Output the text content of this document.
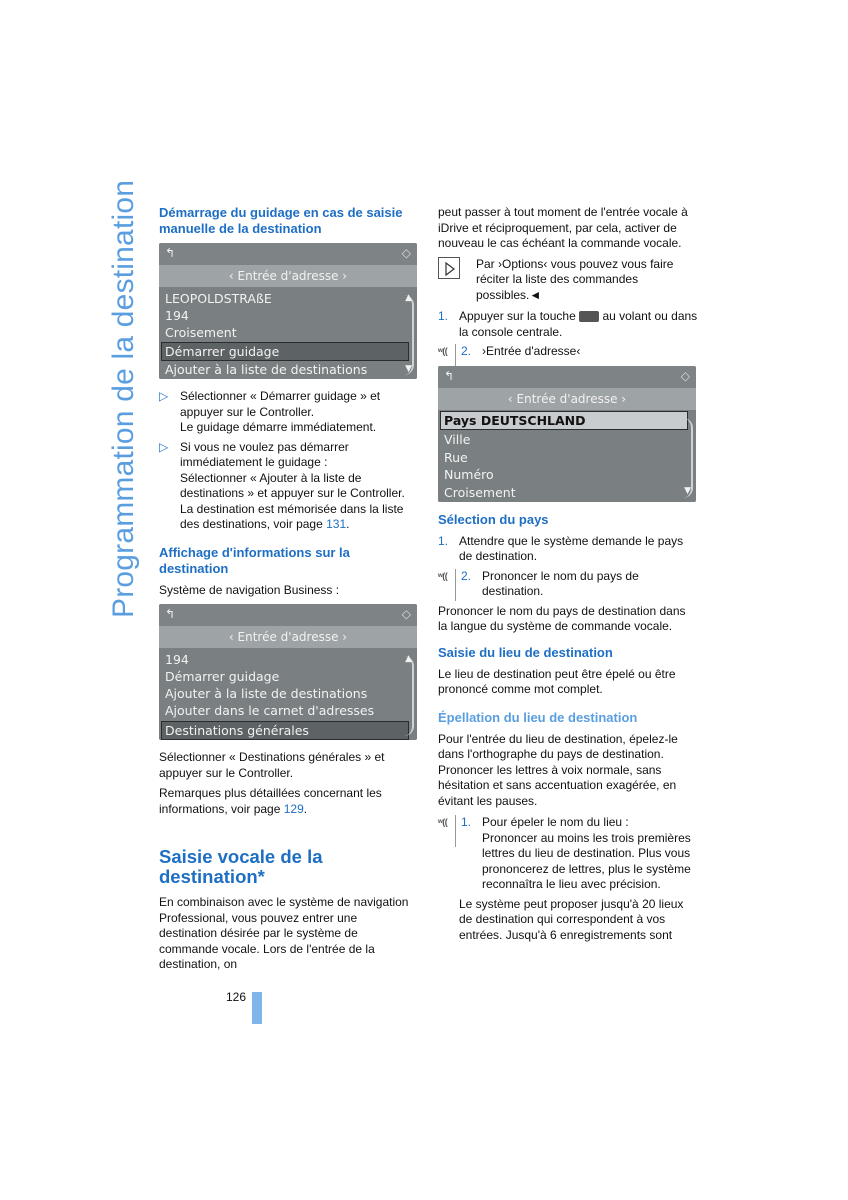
Programmation de la destination	Démarrage du guidage en cas de saisie manuelle de la destination
↰	◇
‹ Entrée d'adresse ›
LEOPOLDSTRAßE
194
Croisement
Démarrer guidage
Ajouter à la liste de destinations
▲
▼
▷ Sélectionner « Démarrer guidage » et appuyer sur le Controller.
Le guidage démarre immédiatement.
▷ Si vous ne voulez pas démarrer immédiatement le guidage :
Sélectionner « Ajouter à la liste de destinations » et appuyer sur le Controller.
La destination est mémorisée dans la liste des destinations, voir page 131.
Affichage d'informations sur la destination

Système de navigation Business :

↰	◇
‹ Entrée d'adresse ›
194
Démarrer guidage
Ajouter à la liste de destinations
Ajouter dans le carnet d'adresses
Destinations générales
▲

Sélectionner « Destinations générales » et appuyer sur le Controller.

Remarques plus détaillées concernant les informations, voir page 129.

Saisie vocale de la destination*

En combinaison avec le système de navigation Professional, vous pouvez entrer une destination désirée par le système de commande vocale. Lors de l'entrée de la destination, on

peut passer à tout moment de l'entrée vocale à iDrive et réciproquement, par cela, activer de nouveau le cas échéant la commande vocale.

Par ›Options‹ vous pouvez vous faire réciter la liste des commandes possibles.◄
1. Appuyer sur la touche au volant ou dans la console centrale.
ʷ((	2. ›Entrée d'adresse‹
↰	◇
‹ Entrée d'adresse ›
Pays DEUTSCHLAND
Ville
Rue
Numéro
Croisement	▼
Sélection du pays
1. Attendre que le système demande le pays de destination.
ʷ((	2. Prononcer le nom du pays de destination.

Prononcer le nom du pays de destination dans la langue du système de commande vocale.

Saisie du lieu de destination

Le lieu de destination peut être épelé ou être prononcé comme mot complet.

Épellation du lieu de destination

Pour l'entrée du lieu de destination, épelez-le dans l'orthographe du pays de destination. Prononcer les lettres à voix normale, sans hésitation et sans accentuation exagérée, en évitant les pauses.

ʷ((	1. Pour épeler le nom du lieu :
Prononcer au moins les trois premières lettres du lieu de destination. Plus vous prononcerez de lettres, plus le système reconnaîtra le lieu avec précision.

Le système peut proposer jusqu'à 20 lieux de destination qui correspondent à vos entrées. Jusqu'à 6 enregistrements sont

126
